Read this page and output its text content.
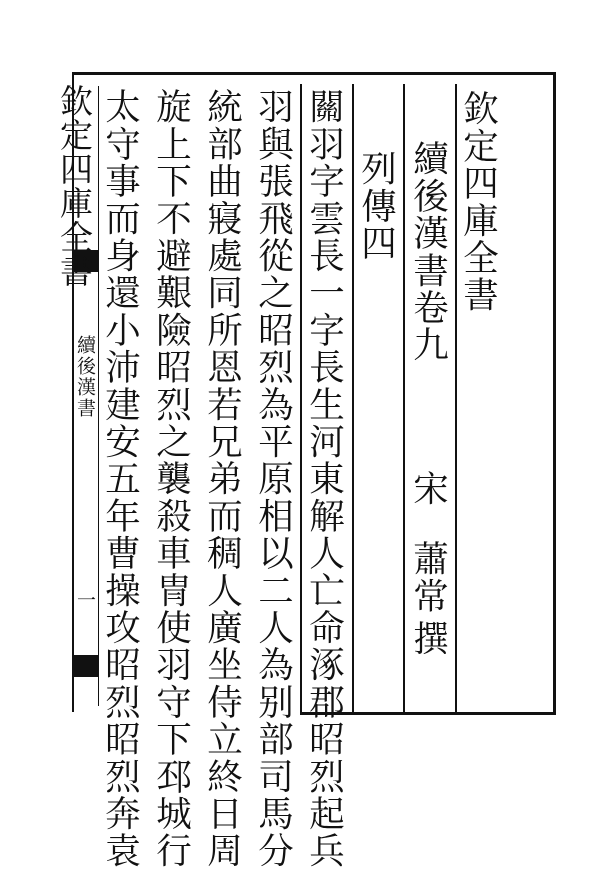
欽定四庫全書
續後漢書卷九
宋
蕭常
撰
列傳四
關羽字雲長一字長生河東解人亡命涿郡昭烈起兵
羽與張飛從之昭烈為平原相以二人為别部司馬分
統部曲寢處同所恩若兄弟而稠人廣坐侍立終日周
旋上下不避艱險昭烈之襲殺車冑使羽守下邳城行
太守事而身還小沛建安五年曹操攻昭烈昭烈奔袁
欽定四庫全書
續後漢書
一
